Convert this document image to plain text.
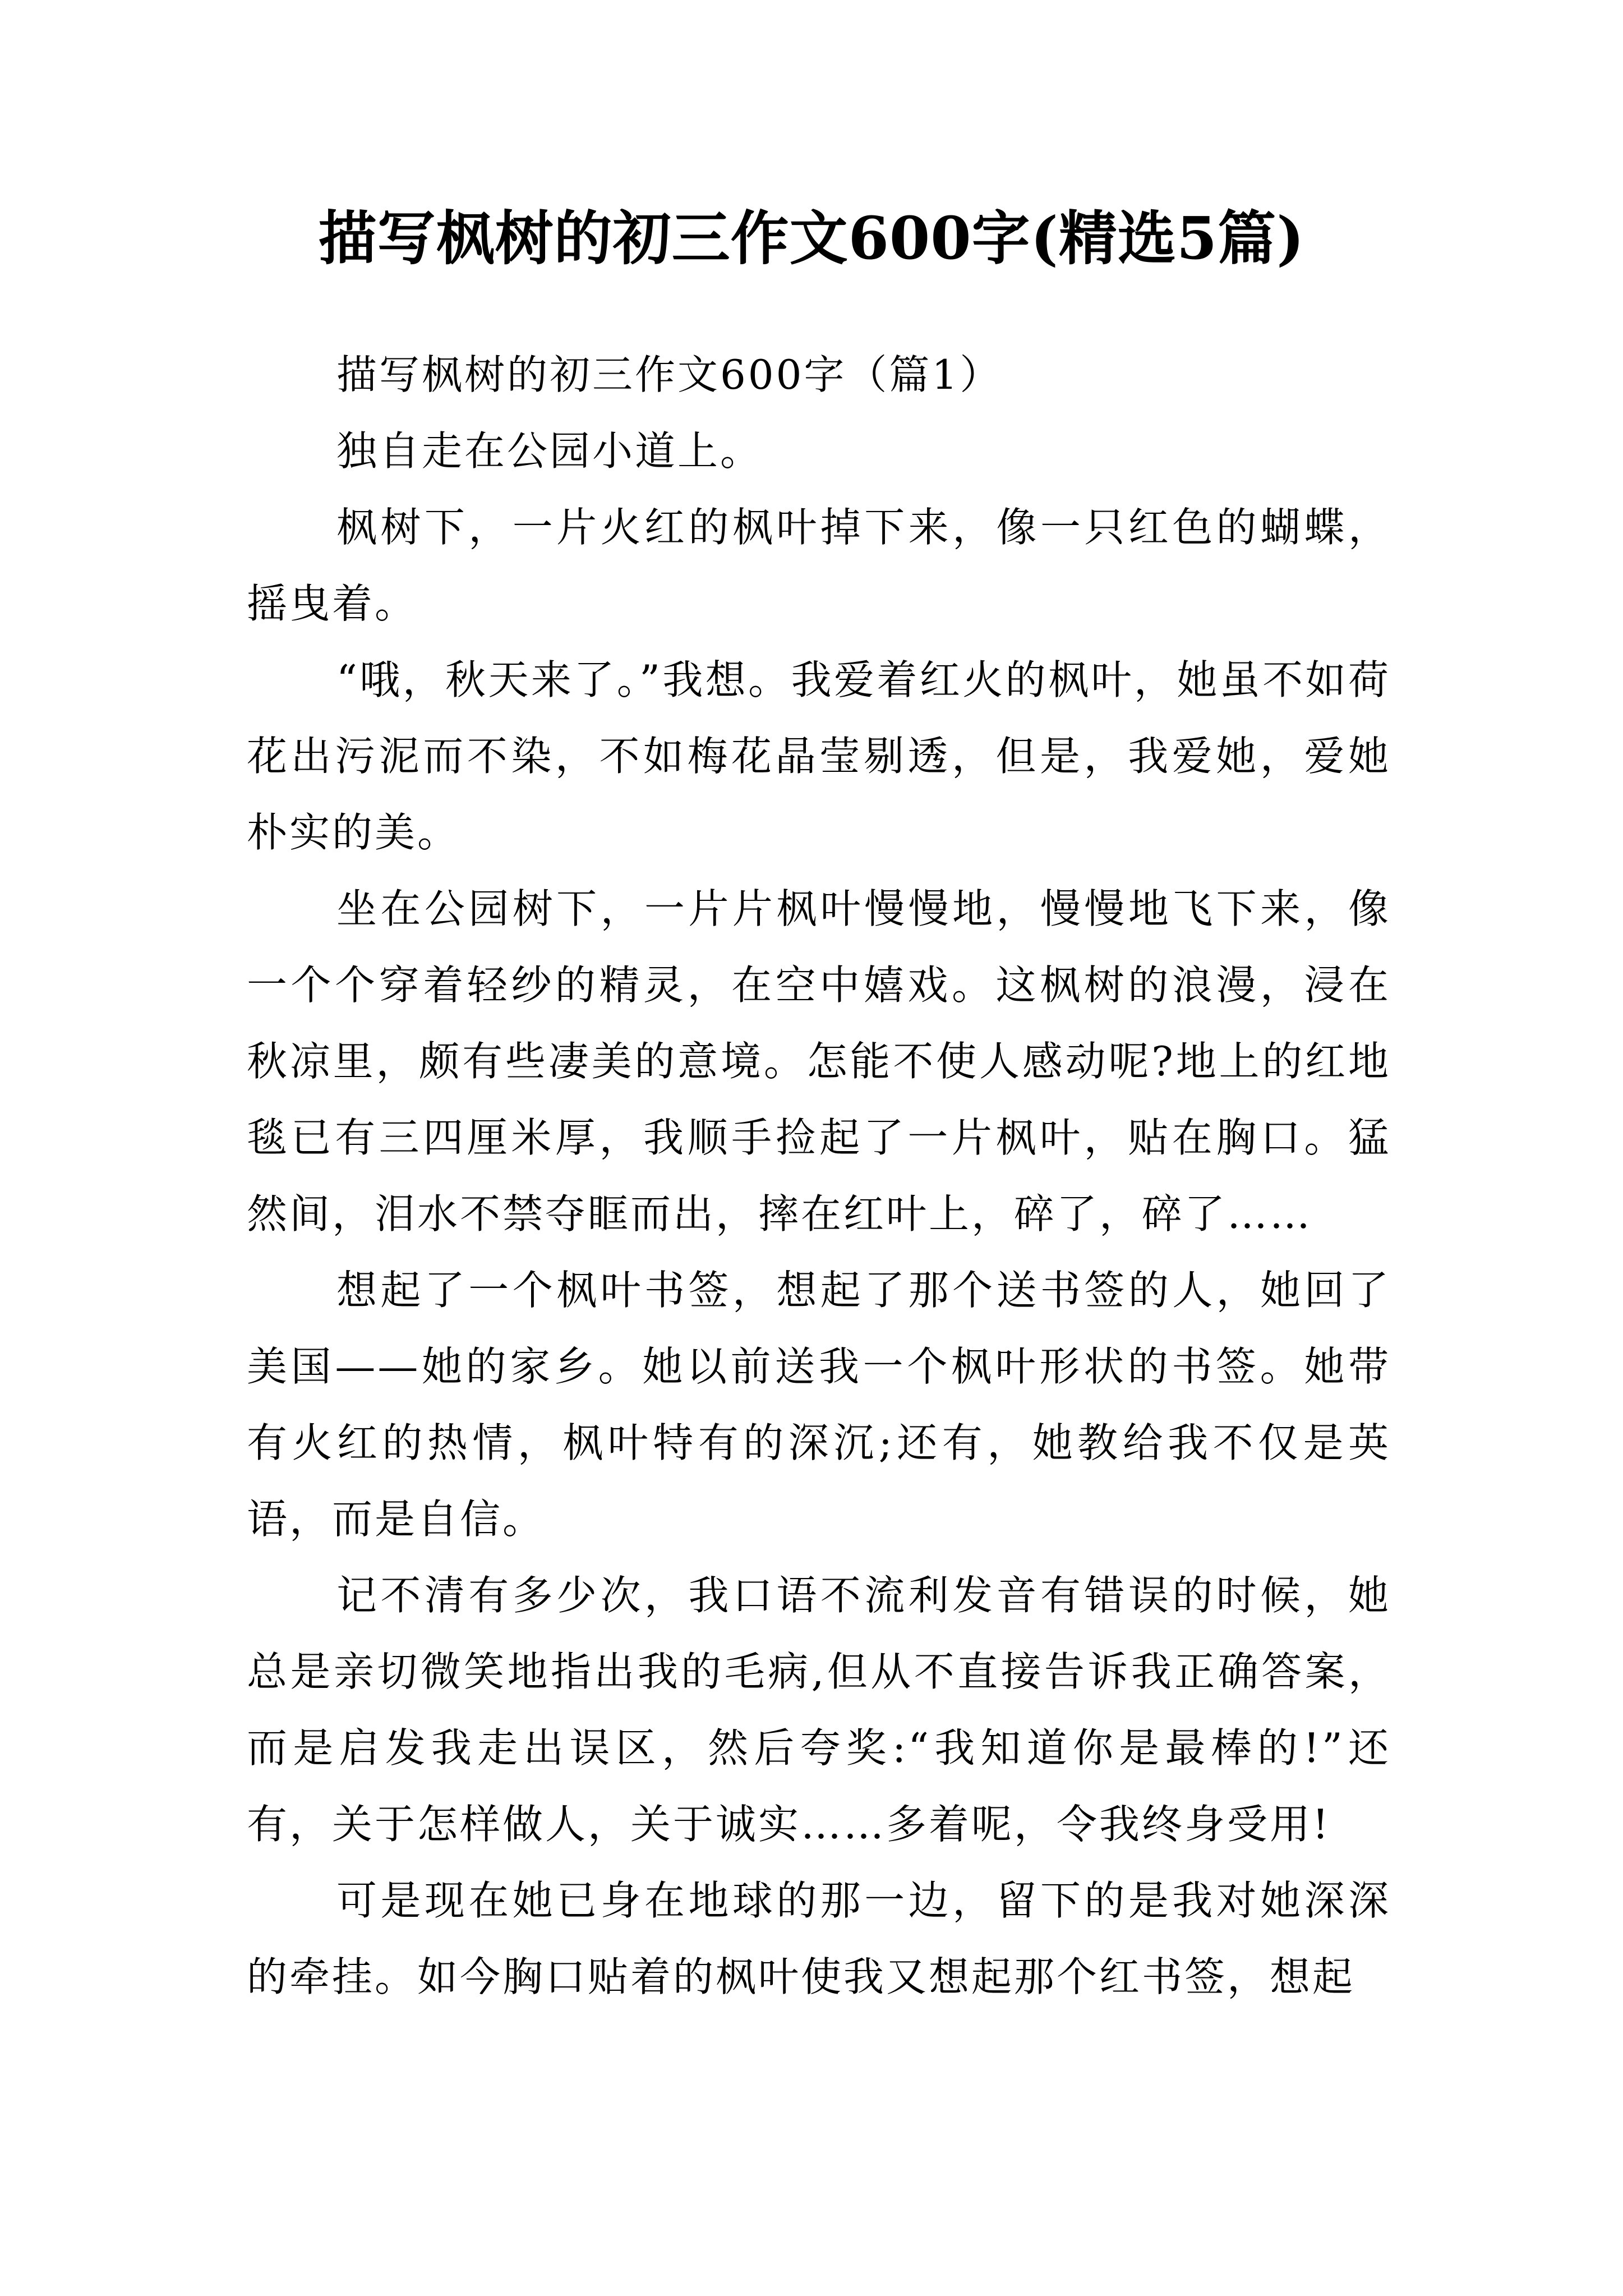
描写枫树的初三作文600字(精选5篇)

描写枫树的初三作文600字（篇1）

独自走在公园小道上。

枫树下，一片火红的枫叶掉下来，像一只红色的蝴蝶，摇曳着。

“哦，秋天来了。”我想。我爱着红火的枫叶，她虽不如荷花出污泥而不染，不如梅花晶莹剔透，但是，我爱她，爱她朴实的美。

坐在公园树下，一片片枫叶慢慢地，慢慢地飞下来，像一个个穿着轻纱的精灵，在空中嬉戏。这枫树的浪漫，浸在秋凉里，颇有些凄美的意境。怎能不使人感动呢?地上的红地毯已有三四厘米厚，我顺手捡起了一片枫叶，贴在胸口。猛然间，泪水不禁夺眶而出，摔在红叶上，碎了，碎了……

想起了一个枫叶书签，想起了那个送书签的人，她回了美国——她的家乡。她以前送我一个枫叶形状的书签。她带有火红的热情，枫叶特有的深沉;还有，她教给我不仅是英语，而是自信。

记不清有多少次，我口语不流利发音有错误的时候，她总是亲切微笑地指出我的毛病,但从不直接告诉我正确答案，而是启发我走出误区，然后夸奖:“我知道你是最棒的!”还有，关于怎样做人，关于诚实……多着呢，令我终身受用!

可是现在她已身在地球的那一边，留下的是我对她深深的牵挂。如今胸口贴着的枫叶使我又想起那个红书签，想起
